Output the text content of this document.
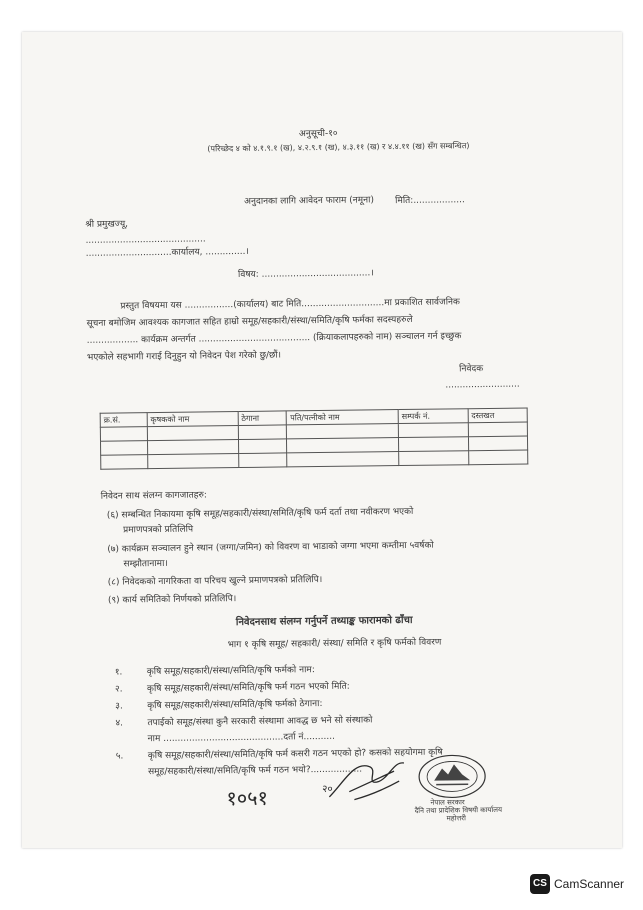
अनुसूची-१०
(परिच्छेद ४ को ४.१.९.१ (ख), ४.२.९.१ (ख), ४.३.११ (ख) र ४.४.११ (ख) सँग सम्बन्धित)
अनुदानका लागि आवेदन फाराम (नमूना)	मिति:..................
श्री प्रमुखज्यू,
..........................................
..............................कार्यालय, ..............।
विषय: ......................................।
प्रस्तुत विषयमा यस .................(कार्यालय) बाट मिति.............................मा प्रकाशित सार्वजनिक
सूचना बमोजिम आवश्यक कागजात सहित हाम्रो समूह/सहकारी/संस्था/समिति/कृषि फर्मका सदस्यहरुले
.................. कार्यक्रम अन्तर्गत ....................................... (क्रियाकलापहरुको नाम) सञ्चालन गर्न इच्छुक
भएकोले सहभागी गराई दिनुहुन यो निवेदन पेश गरेको छु/छौं।
निवेदक
..........................
क्र.सं.	कृषकको नाम	ठेगाना	पति/पत्नीको नाम	सम्पर्क नं.	दस्तखत

निवेदन साथ संलग्न कागजातहरु:
(६) सम्बन्धित निकायमा कृषि समूह/सहकारी/संस्था/समिति/कृषि फर्म दर्ता तथा नवीकरण भएको
प्रमाणपत्रको प्रतिलिपि
(७) कार्यक्रम सञ्चालन हुने स्थान (जग्गा/जमिन) को विवरण वा भाडाको जग्गा भएमा कम्तीमा ५वर्षको
सम्झौतानामा।
(८) निवेदकको नागरिकता वा परिचय खुल्ने प्रमाणपत्रको प्रतिलिपि।
(९) कार्य समितिको निर्णयको प्रतिलिपि।
निवेदनसाथ संलग्न गर्नुपर्ने तथ्याङ्क फारामको ढाँचा
भाग १ कृषि समूह/ सहकारी/ संस्था/ समिति र कृषि फर्मको विवरण
१.	कृषि समूह/सहकारी/संस्था/समिति/कृषि फर्मको नाम:
२.	कृषि समूह/सहकारी/संस्था/समिति/कृषि फर्म गठन भएको मिति:
३.	कृषि समूह/सहकारी/संस्था/समिति/कृषि फर्मको ठेगाना:
४.	तपाईको समूह/संस्था कुनै सरकारी संस्थामा आवद्ध छ भने सो संस्थाको
नाम ..........................................दर्ता नं...........
५.	कृषि समूह/सहकारी/संस्था/समिति/कृषि फर्म कसरी गठन भएको हो? कसको सहयोगमा कृषि
समूह/सहकारी/संस्था/समिति/कृषि फर्म गठन भयो?..................
१०५१	२०
नेपाल सरकार
दैनि तथा प्रादेशिक विषयी कार्यालय
महोत्तरी
CS CamScanner
